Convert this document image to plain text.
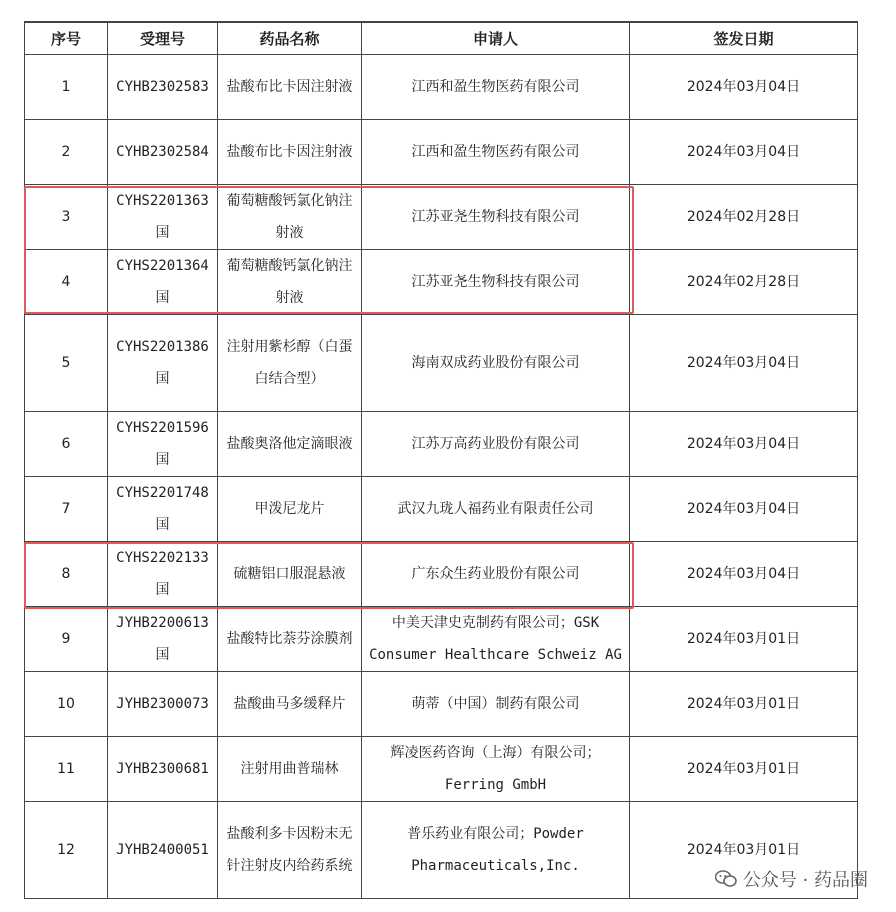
序号	受理号	药品名称	申请人	签发日期
1	CYHB2302583	盐酸布比卡因注射液	江西和盈生物医药有限公司	2024年03月04日
2	CYHB2302584	盐酸布比卡因注射液	江西和盈生物医药有限公司	2024年03月04日
3	CYHS2201363国	葡萄糖酸钙氯化钠注射液	江苏亚尧生物科技有限公司	2024年02月28日
4	CYHS2201364国	葡萄糖酸钙氯化钠注射液	江苏亚尧生物科技有限公司	2024年02月28日
5	CYHS2201386国	注射用紫杉醇（白蛋白结合型）	海南双成药业股份有限公司	2024年03月04日
6	CYHS2201596国	盐酸奥洛他定滴眼液	江苏万高药业股份有限公司	2024年03月04日
7	CYHS2201748国	甲泼尼龙片	武汉九珑人福药业有限责任公司	2024年03月04日
8	CYHS2202133国	硫糖铝口服混悬液	广东众生药业股份有限公司	2024年03月04日
9	JYHB2200613国	盐酸特比萘芬涂膜剂	中美天津史克制药有限公司；GSK Consumer Healthcare Schweiz AG	2024年03月01日
10	JYHB2300073	盐酸曲马多缓释片	萌蒂（中国）制药有限公司	2024年03月01日
11	JYHB2300681	注射用曲普瑞林	辉凌医药咨询（上海）有限公司；Ferring GmbH	2024年03月01日
12	JYHB2400051	盐酸利多卡因粉末无针注射皮内给药系统	普乐药业有限公司；Powder Pharmaceuticals,Inc.	2024年03月01日
公众号 · 药品圈
